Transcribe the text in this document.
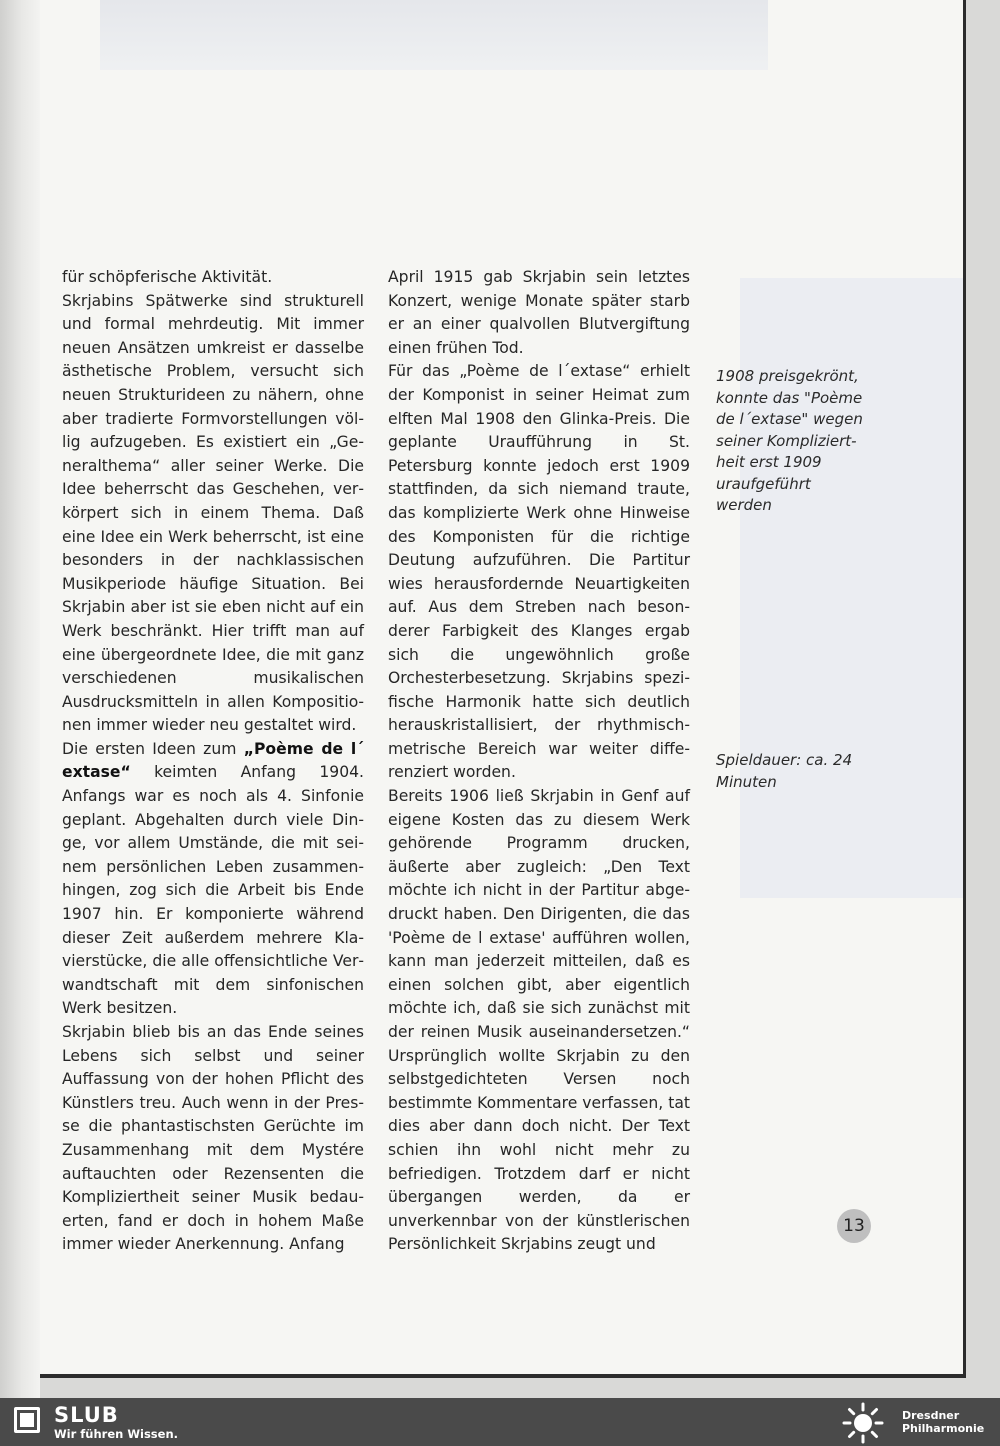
für schöpferische Aktivität.

Skrjabins Spätwerke sind strukturell und formal mehrdeutig. Mit immer neuen Ansätzen umkreist er dasselbe ästhetische Problem, versucht sich neuen Strukturideen zu nähern, ohne aber tradierte Formvorstellungen völlig aufzugeben. Es existiert ein „Generalthema“ aller seiner Werke. Die Idee beherrscht das Geschehen, verkörpert sich in einem Thema. Daß eine Idee ein Werk beherrscht, ist eine besonders in der nachklassischen Musikperiode häufige Situation. Bei Skrjabin aber ist sie eben nicht auf ein Werk beschränkt. Hier trifft man auf eine übergeordnete Idee, die mit ganz verschiedenen musikalischen Ausdrucksmitteln in allen Kompositionen immer wieder neu gestaltet wird.

Die ersten Ideen zum „Poème de l´ extase“ keimten Anfang 1904. Anfangs war es noch als 4. Sinfonie geplant. Abgehalten durch viele Dinge, vor allem Umstände, die mit seinem persönlichen Leben zusammenhingen, zog sich die Arbeit bis Ende 1907 hin. Er komponierte während dieser Zeit außerdem mehrere Klavierstücke, die alle offensichtliche Verwandtschaft mit dem sinfonischen Werk besitzen.

Skrjabin blieb bis an das Ende seines Lebens sich selbst und seiner Auffassung von der hohen Pflicht des Künstlers treu. Auch wenn in der Presse die phantastischsten Gerüchte im Zusammenhang mit dem Mystére auftauchten oder Rezensenten die Kompliziertheit seiner Musik bedauerten, fand er doch in hohem Maße immer wieder Anerkennung. Anfang

April 1915 gab Skrjabin sein letztes Konzert, wenige Monate später starb er an einer qualvollen Blutvergiftung einen frühen Tod.

Für das „Poème de l´extase“ erhielt der Komponist in seiner Heimat zum elften Mal 1908 den Glinka-Preis. Die geplante Uraufführung in St. Petersburg konnte jedoch erst 1909 stattfinden, da sich niemand traute, das komplizierte Werk ohne Hinweise des Komponisten für die richtige Deutung aufzuführen. Die Partitur wies herausfordernde Neuartigkeiten auf. Aus dem Streben nach besonderer Farbigkeit des Klanges ergab sich die ungewöhnlich große Orchesterbesetzung. Skrjabins spezifische Harmonik hatte sich deutlich herauskristallisiert, der rhythmisch-metrische Bereich war weiter differenziert worden.

Bereits 1906 ließ Skrjabin in Genf auf eigene Kosten das zu diesem Werk gehörende Programm drucken, äußerte aber zugleich: „Den Text möchte ich nicht in der Partitur abgedruckt haben. Den Dirigenten, die das 'Poème de l extase' aufführen wollen, kann man jederzeit mitteilen, daß es einen solchen gibt, aber eigentlich möchte ich, daß sie sich zunächst mit der reinen Musik auseinandersetzen.“ Ursprünglich wollte Skrjabin zu den selbstgedichteten Versen noch bestimmte Kommentare verfassen, tat dies aber dann doch nicht. Der Text schien ihn wohl nicht mehr zu befriedigen. Trotzdem darf er nicht übergangen werden, da er unverkennbar von der künstlerischen Persönlichkeit Skrjabins zeugt und

1908 preisgekrönt, konnte das "Poème de l´extase" wegen seiner Kompliziertheit erst 1909 uraufgeführt werden
Spieldauer: ca. 24 Minuten
13
SLUB
Wir führen Wissen.
Dresdner
Philharmonie
